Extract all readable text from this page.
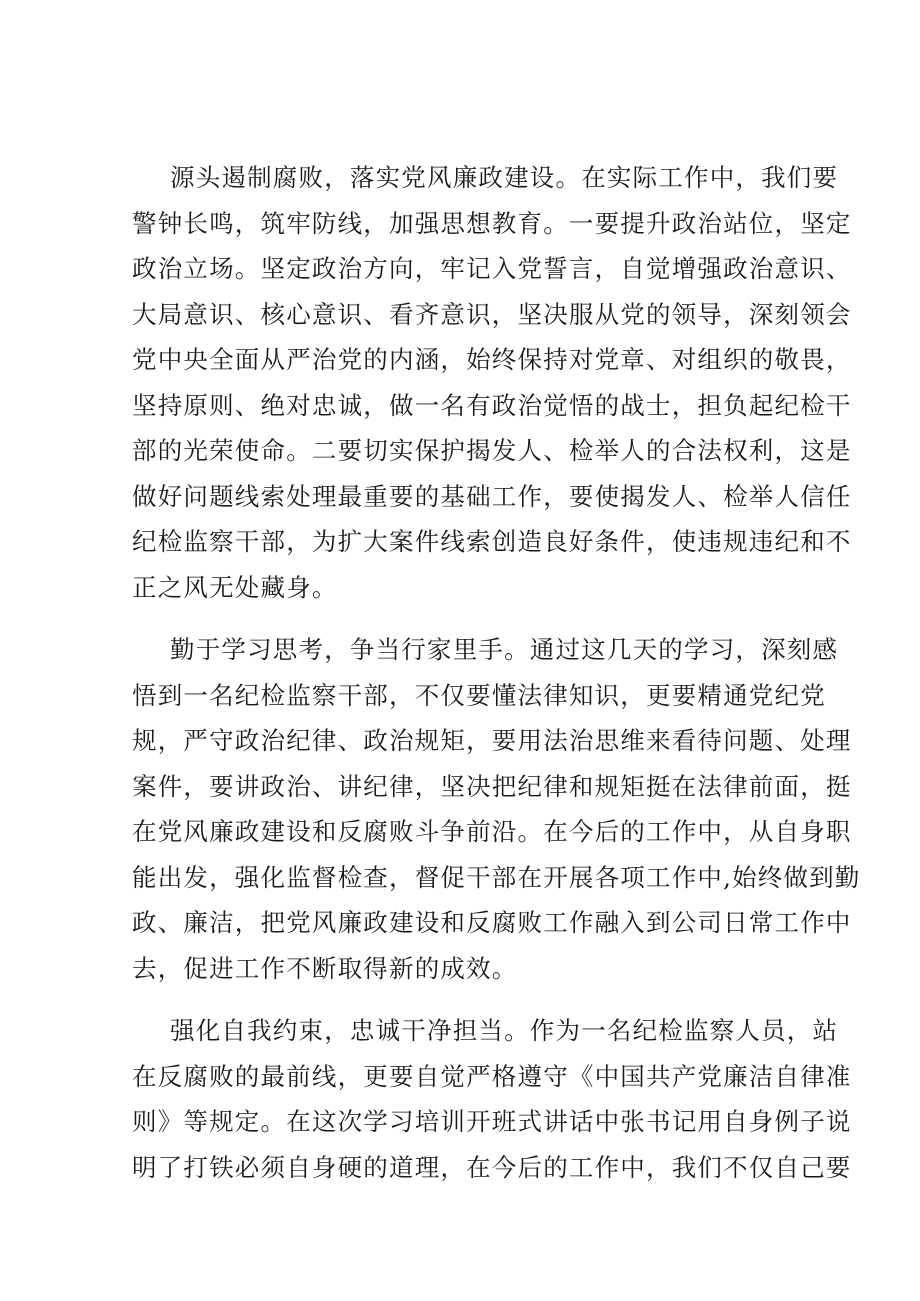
源头遏制腐败，落实党风廉政建设。在实际工作中，我们要
警钟长鸣，筑牢防线，加强思想教育。一要提升政治站位，坚定
政治立场。坚定政治方向，牢记入党誓言，自觉增强政治意识、
大局意识、核心意识、看齐意识，坚决服从党的领导，深刻领会
党中央全面从严治党的内涵，始终保持对党章、对组织的敬畏，
坚持原则、绝对忠诚，做一名有政治觉悟的战士，担负起纪检干
部的光荣使命。二要切实保护揭发人、检举人的合法权利，这是
做好问题线索处理最重要的基础工作，要使揭发人、检举人信任
纪检监察干部，为扩大案件线索创造良好条件，使违规违纪和不
正之风无处藏身。

勤于学习思考，争当行家里手。通过这几天的学习，深刻感
悟到一名纪检监察干部，不仅要懂法律知识，更要精通党纪党
规，严守政治纪律、政治规矩，要用法治思维来看待问题、处理
案件，要讲政治、讲纪律，坚决把纪律和规矩挺在法律前面，挺
在党风廉政建设和反腐败斗争前沿。在今后的工作中，从自身职
能出发，强化监督检查，督促干部在开展各项工作中,始终做到勤
政、廉洁，把党风廉政建设和反腐败工作融入到公司日常工作中
去，促进工作不断取得新的成效。

强化自我约束，忠诚干净担当。作为一名纪检监察人员，站
在反腐败的最前线，更要自觉严格遵守《中国共产党廉洁自律准
则》等规定。在这次学习培训开班式讲话中张书记用自身例子说
明了打铁必须自身硬的道理，在今后的工作中，我们不仅自己要
